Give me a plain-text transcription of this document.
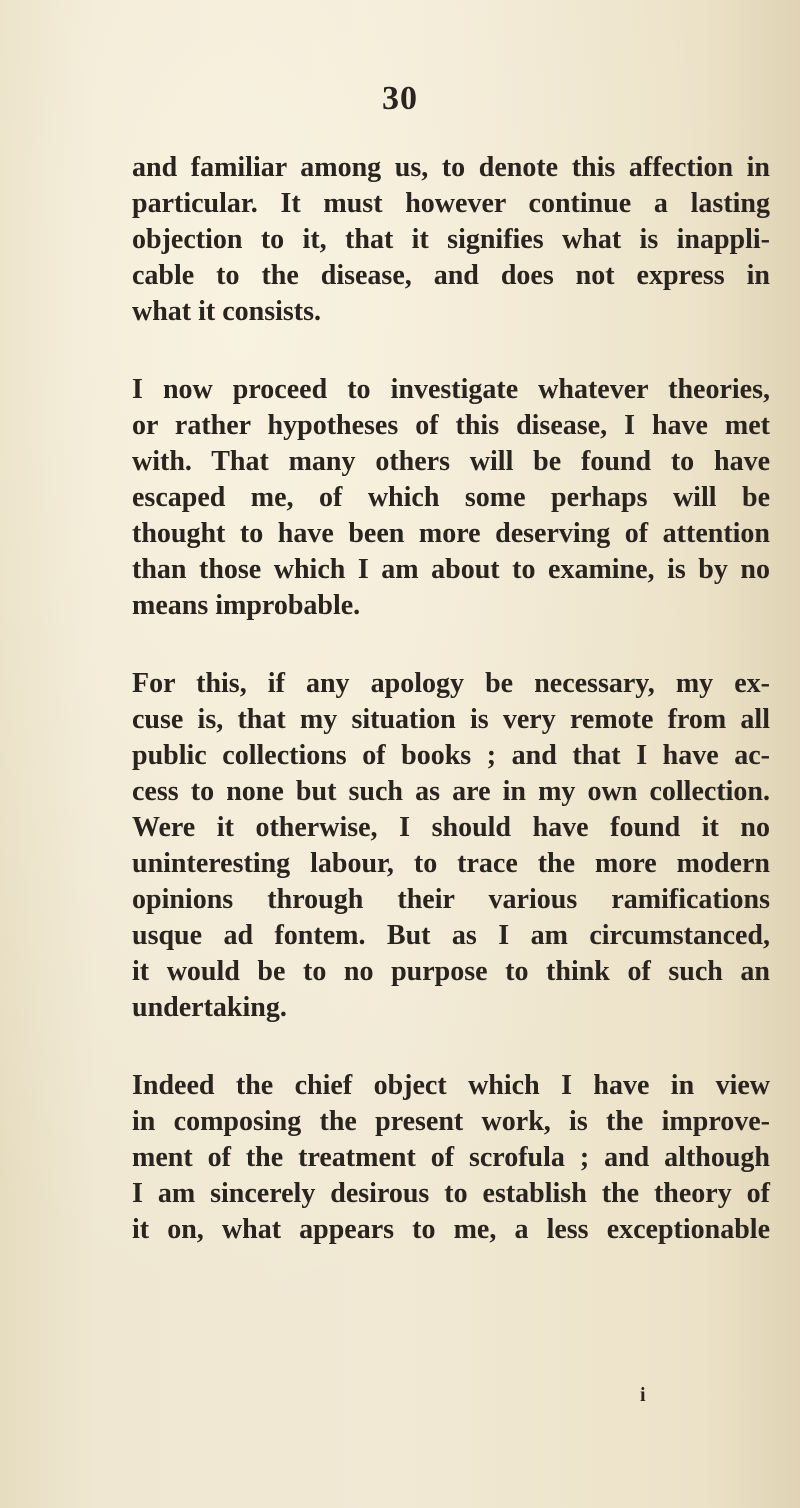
30

and familiar among us, to denote this affection in
particular. It must however continue a lasting
objection to it, that it signifies what is inappli-
cable to the disease, and does not express in
what it consists.

I now proceed to investigate whatever theories,
or rather hypotheses of this disease, I have met
with. That many others will be found to have
escaped me, of which some perhaps will be
thought to have been more deserving of attention
than those which I am about to examine, is by no
means improbable.

For this, if any apology be necessary, my ex-
cuse is, that my situation is very remote from all
public collections of books ; and that I have ac-
cess to none but such as are in my own collection.
Were it otherwise, I should have found it no
uninteresting labour, to trace the more modern
opinions through their various ramifications
usque ad fontem. But as I am circumstanced,
it would be to no purpose to think of such an
undertaking.

Indeed the chief object which I have in view
in composing the present work, is the improve-
ment of the treatment of scrofula ; and although
I am sincerely desirous to establish the theory of
it on, what appears to me, a less exceptionable

i
